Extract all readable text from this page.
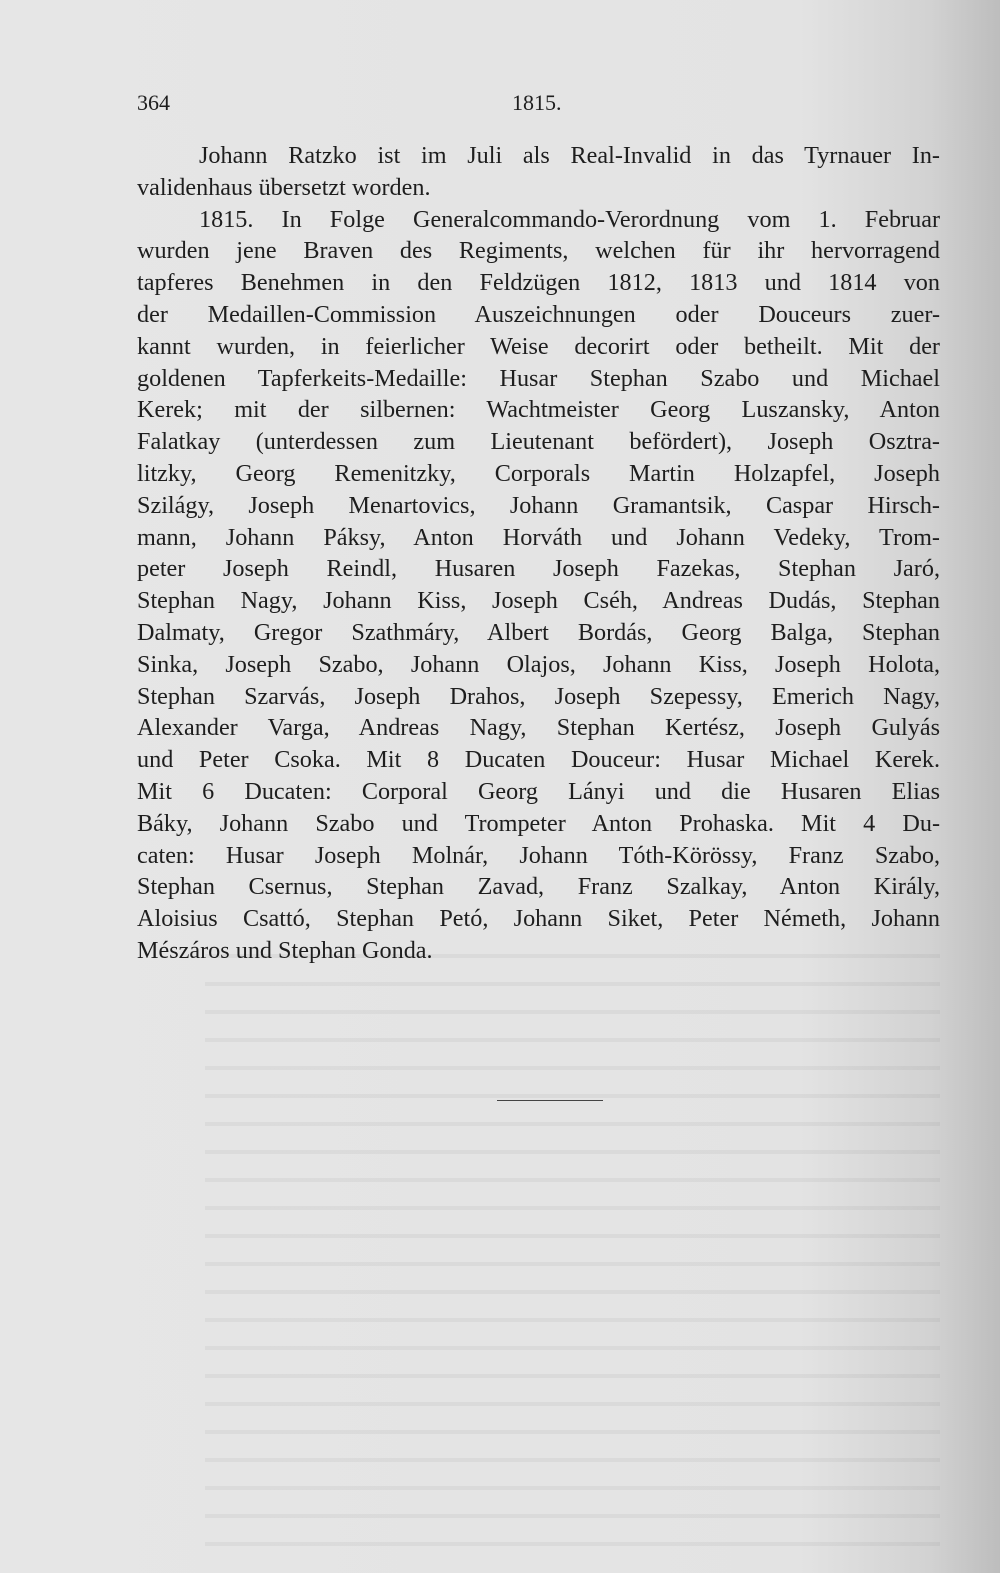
364	1815.
Johann Ratzko ist im Juli als Real-Invalid in das Tyrnauer In-
validenhaus übersetzt worden.
1815. In Folge Generalcommando-Verordnung vom 1. Februar
wurden jene Braven des Regiments, welchen für ihr hervorragend
tapferes Benehmen in den Feldzügen 1812, 1813 und 1814 von
der Medaillen-Commission Auszeichnungen oder Douceurs zuer-
kannt wurden, in feierlicher Weise decorirt oder betheilt. Mit der
goldenen Tapferkeits-Medaille: Husar Stephan Szabo und Michael
Kerek; mit der silbernen: Wachtmeister Georg Luszansky, Anton
Falatkay (unterdessen zum Lieutenant befördert), Joseph Osztra-
litzky, Georg Remenitzky, Corporals Martin Holzapfel, Joseph
Szilágy, Joseph Menartovics, Johann Gramantsik, Caspar Hirsch-
mann, Johann Páksy, Anton Horváth und Johann Vedeky, Trom-
peter Joseph Reindl, Husaren Joseph Fazekas, Stephan Jaró,
Stephan Nagy, Johann Kiss, Joseph Cséh, Andreas Dudás, Stephan
Dalmaty, Gregor Szathmáry, Albert Bordás, Georg Balga, Stephan
Sinka, Joseph Szabo, Johann Olajos, Johann Kiss, Joseph Holota,
Stephan Szarvás, Joseph Drahos, Joseph Szepessy, Emerich Nagy,
Alexander Varga, Andreas Nagy, Stephan Kertész, Joseph Gulyás
und Peter Csoka. Mit 8 Ducaten Douceur: Husar Michael Kerek.
Mit 6 Ducaten: Corporal Georg Lányi und die Husaren Elias
Báky, Johann Szabo und Trompeter Anton Prohaska. Mit 4 Du-
caten: Husar Joseph Molnár, Johann Tóth-Körössy, Franz Szabo,
Stephan Csernus, Stephan Zavad, Franz Szalkay, Anton Király,
Aloisius Csattó, Stephan Petó, Johann Siket, Peter Németh, Johann
Mészáros und Stephan Gonda.
